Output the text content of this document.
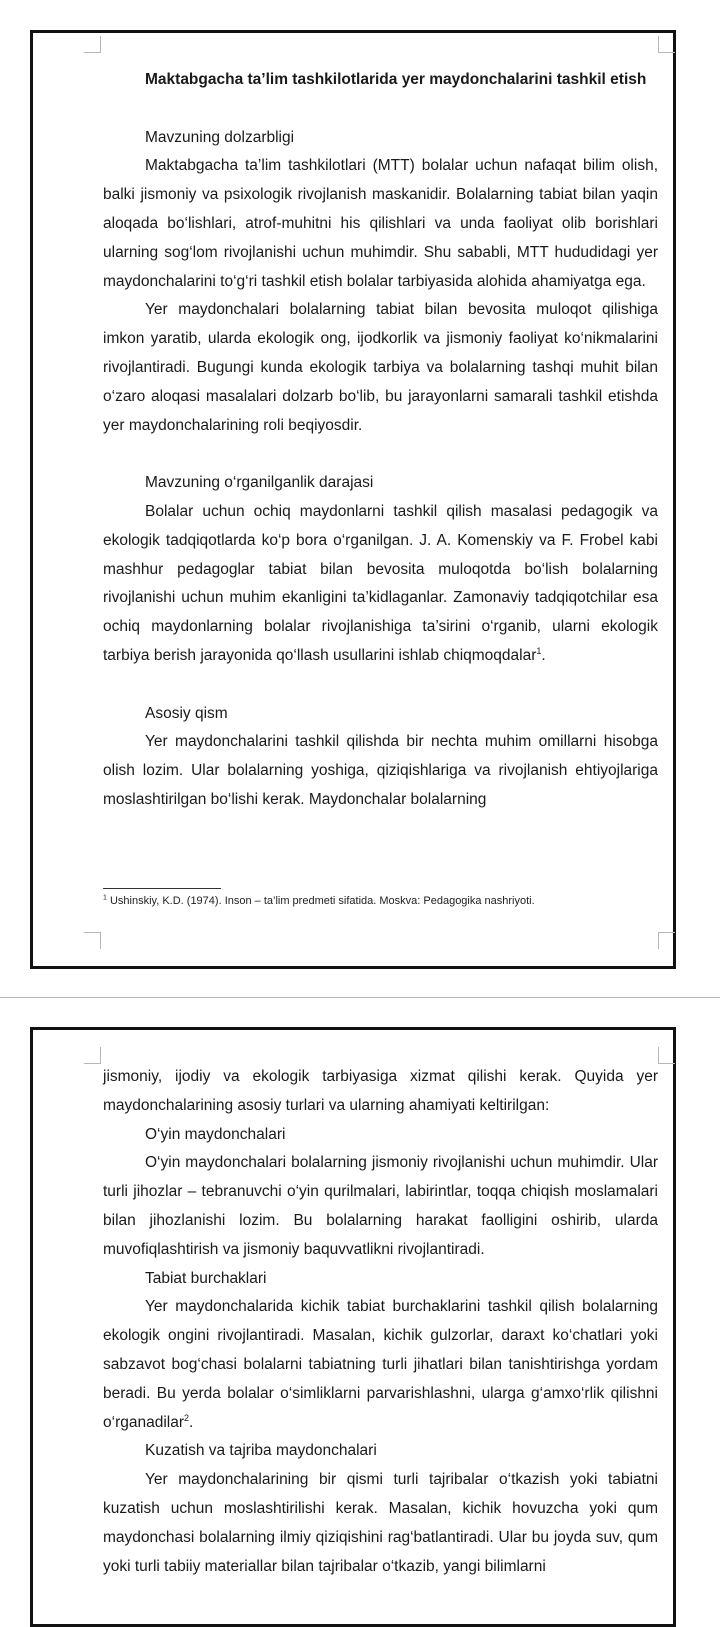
Maktabgacha ta’lim tashkilotlarida yer maydonchalarini tashkil etish

Mavzuning dolzarbligi

Maktabgacha ta’lim tashkilotlari (MTT) bolalar uchun nafaqat bilim olish, balki jismoniy va psixologik rivojlanish maskanidir. Bolalarning tabiat bilan yaqin aloqada bo‘lishlari, atrof-muhitni his qilishlari va unda faoliyat olib borishlari ularning sog‘lom rivojlanishi uchun muhimdir. Shu sababli, MTT hududidagi yer maydonchalarini to‘g‘ri tashkil etish bolalar tarbiyasida alohida ahamiyatga ega.

Yer maydonchalari bolalarning tabiat bilan bevosita muloqot qilishiga imkon yaratib, ularda ekologik ong, ijodkorlik va jismoniy faoliyat ko‘nikmalarini rivojlantiradi. Bugungi kunda ekologik tarbiya va bolalarning tashqi muhit bilan o‘zaro aloqasi masalalari dolzarb bo‘lib, bu jarayonlarni samarali tashkil etishda yer maydonchalarining roli beqiyosdir.

Mavzuning o‘rganilganlik darajasi

Bolalar uchun ochiq maydonlarni tashkil qilish masalasi pedagogik va ekologik tadqiqotlarda ko‘p bora o‘rganilgan. J. A. Komenskiy va F. Frobel kabi mashhur pedagoglar tabiat bilan bevosita muloqotda bo‘lish bolalarning rivojlanishi uchun muhim ekanligini ta’kidlaganlar. Zamonaviy tadqiqotchilar esa ochiq maydonlarning bolalar rivojlanishiga ta’sirini o‘rganib, ularni ekologik tarbiya berish jarayonida qo‘llash usullarini ishlab chiqmoqdalar$^1$.

Asosiy qism

Yer maydonchalarini tashkil qilishda bir nechta muhim omillarni hisobga olish lozim. Ular bolalarning yoshiga, qiziqishlariga va rivojlanish ehtiyojlariga moslashtirilgan bo‘lishi kerak. Maydonchalar bolalarning

$^1$ Ushinskiy, K.D. (1974). Inson – ta’lim predmeti sifatida. Moskva: Pedagogika nashriyoti.

jismoniy, ijodiy va ekologik tarbiyasiga xizmat qilishi kerak. Quyida yer maydonchalarining asosiy turlari va ularning ahamiyati keltirilgan:

O‘yin maydonchalari

O‘yin maydonchalari bolalarning jismoniy rivojlanishi uchun muhimdir. Ular turli jihozlar – tebranuvchi o‘yin qurilmalari, labirintlar, toqqa chiqish moslamalari bilan jihozlanishi lozim. Bu bolalarning harakat faolligini oshirib, ularda muvofiqlashtirish va jismoniy baquvvatlikni rivojlantiradi.

Tabiat burchaklari

Yer maydonchalarida kichik tabiat burchaklarini tashkil qilish bolalarning ekologik ongini rivojlantiradi. Masalan, kichik gulzorlar, daraxt ko‘chatlari yoki sabzavot bog‘chasi bolalarni tabiatning turli jihatlari bilan tanishtirishga yordam beradi. Bu yerda bolalar o‘simliklarni parvarishlashni, ularga g‘amxo‘rlik qilishni o‘rganadilar$^2$.

Kuzatish va tajriba maydonchalari

Yer maydonchalarining bir qismi turli tajribalar o‘tkazish yoki tabiatni kuzatish uchun moslashtirilishi kerak. Masalan, kichik hovuzcha yoki qum maydonchasi bolalarning ilmiy qiziqishini rag‘batlantiradi. Ular bu joyda suv, qum yoki turli tabiiy materiallar bilan tajribalar o‘tkazib, yangi bilimlarni
